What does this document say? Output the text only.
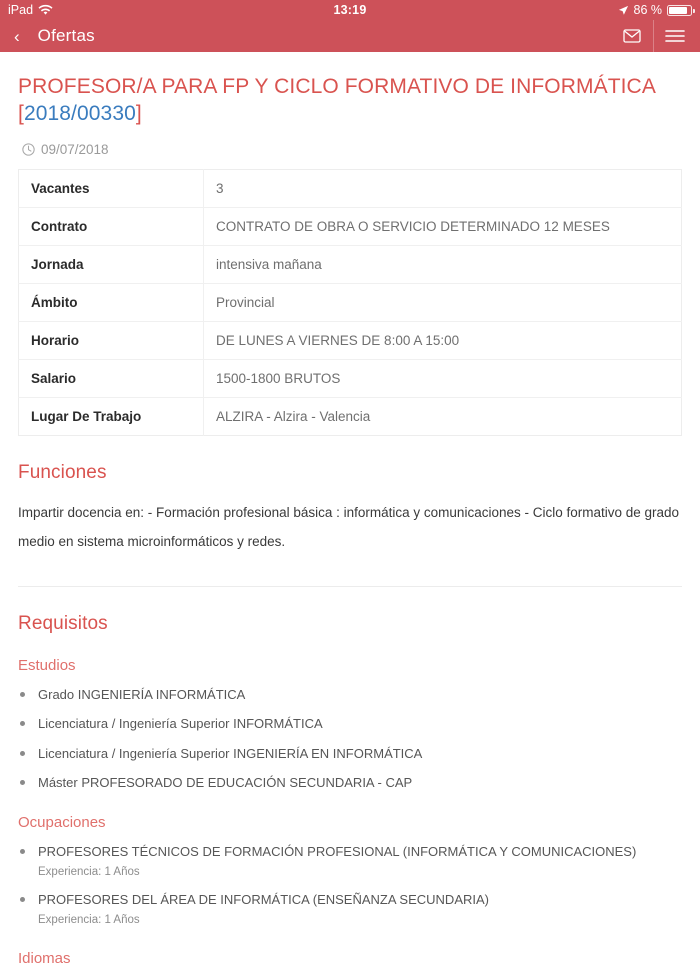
iPad	13:19	86 %
‹ Ofertas
PROFESOR/A PARA FP Y CICLO FORMATIVO DE INFORMÁTICA [2018/00330]
09/07/2018
Vacantes	3
Contrato	CONTRATO DE OBRA O SERVICIO DETERMINADO 12 MESES
Jornada	intensiva mañana
Ámbito	Provincial
Horario	DE LUNES A VIERNES DE 8:00 A 15:00
Salario	1500-1800 BRUTOS
Lugar De Trabajo	ALZIRA - Alzira - Valencia
Funciones

Impartir docencia en: - Formación profesional básica : informática y comunicaciones - Ciclo formativo de grado medio en sistema microinformáticos y redes.

Requisitos
Estudios
Grado INGENIERÍA INFORMÁTICA
Licenciatura / Ingeniería Superior INFORMÁTICA
Licenciatura / Ingeniería Superior INGENIERÍA EN INFORMÁTICA
Máster PROFESORADO DE EDUCACIÓN SECUNDARIA - CAP
Ocupaciones
PROFESORES TÉCNICOS DE FORMACIÓN PROFESIONAL (INFORMÁTICA Y COMUNICACIONES)
Experiencia: 1 Años
PROFESORES DEL ÁREA DE INFORMÁTICA (ENSEÑANZA SECUNDARIA)
Experiencia: 1 Años
Idiomas
